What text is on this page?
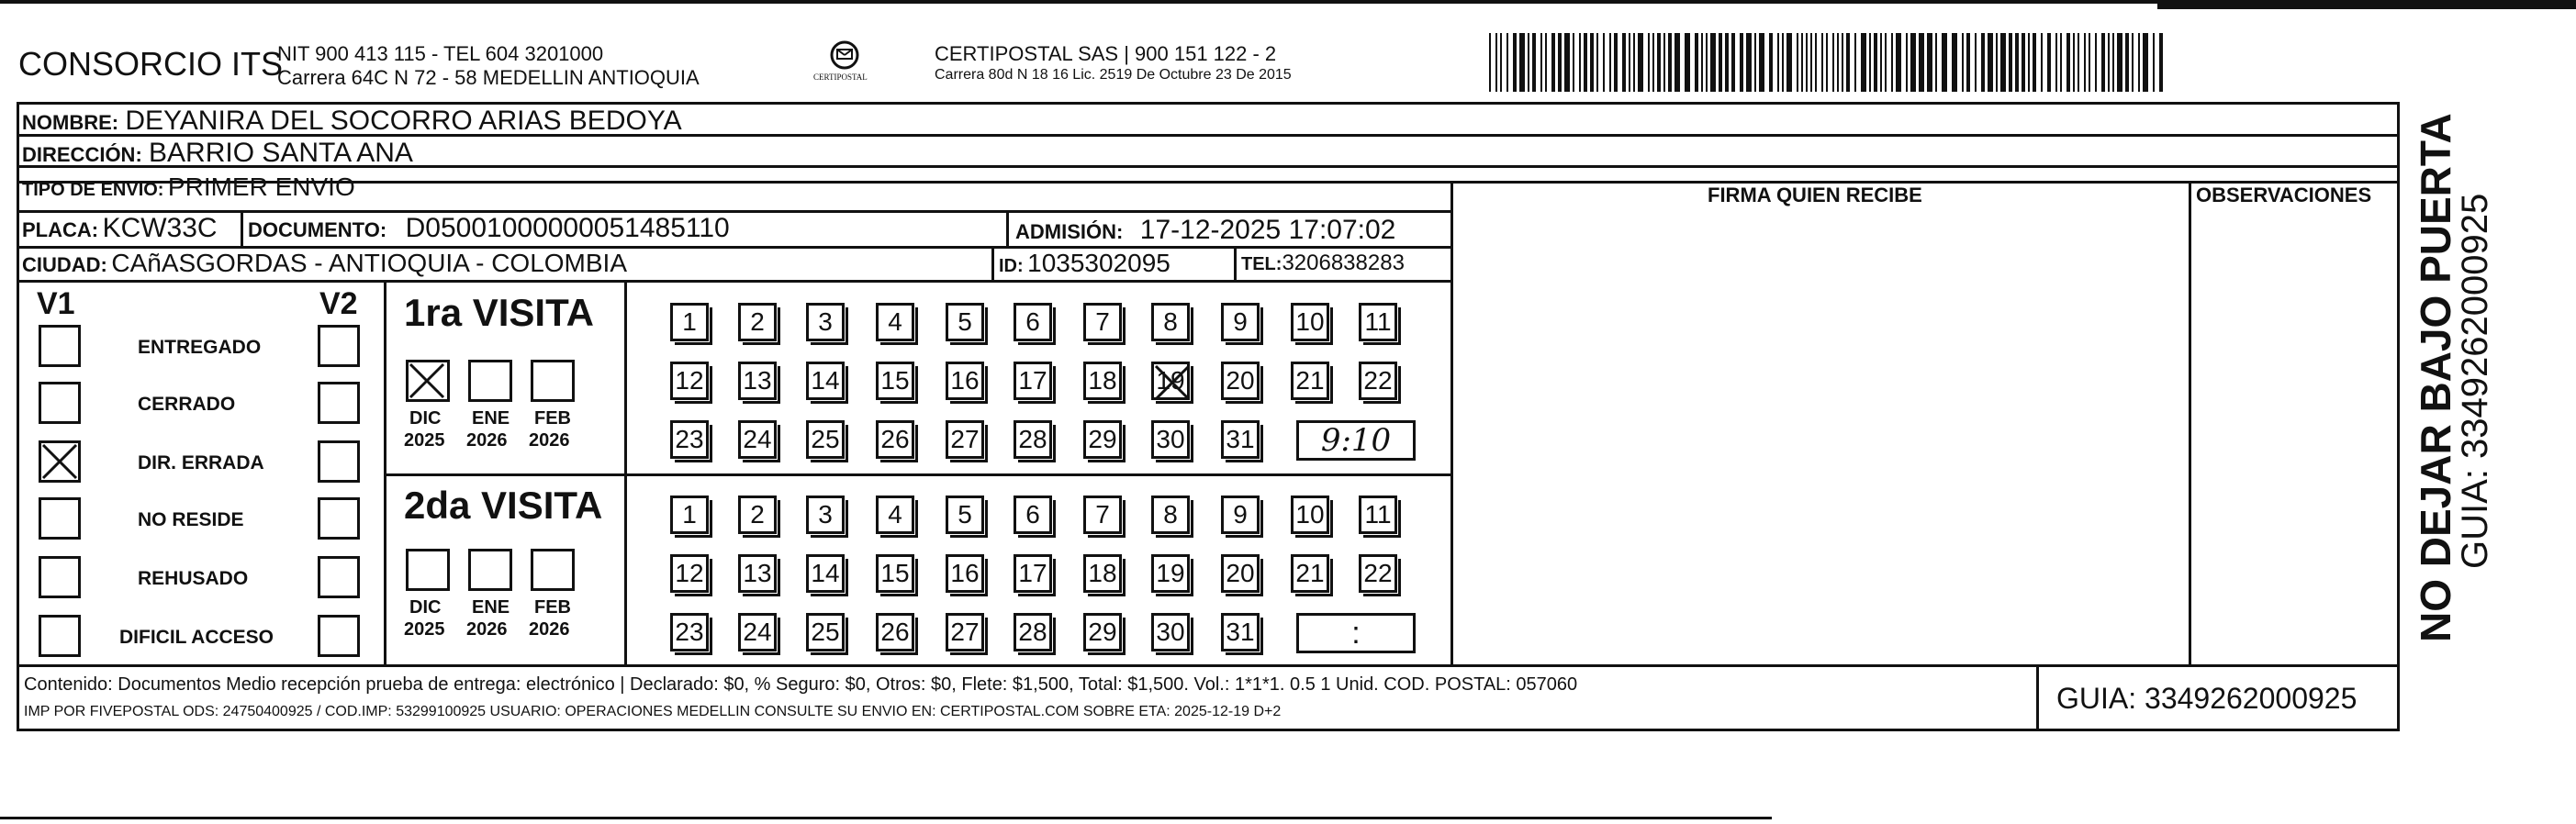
CONSORCIO ITS
NIT 900 413 115 - TEL 604 3201000
Carrera 64C N 72 - 58 MEDELLIN ANTIOQUIA	CERTIPOSTAL
CERTIPOSTAL SAS | 900 151 122 - 2
Carrera 80d N 18 16 Lic. 2519 De Octubre 23 De 2015
NOMBRE: DEYANIRA DEL SOCORRO ARIAS BEDOYA
DIRECCIÓN: BARRIO SANTA ANA
TIPO DE ENVIO: PRIMER ENVIO	FIRMA QUIEN RECIBE	OBSERVACIONES
PLACA: KCW33C DOCUMENTO: D05001000000051485110	ADMISIÓN: 17-12-2025 17:07:02
CIUDAD: CAñASGORDAS - ANTIOQUIA - COLOMBIA	ID: 1035302095	TEL:3206838283
V1	V2 1ra VISITA
2da VISITA
Contenido: Documentos Medio recepción prueba de entrega: electrónico | Declarado: $0, % Seguro: $0, Otros: $0, Flete: $1,500, Total: $1,500. Vol.: 1*1*1. 0.5 1 Unid. COD. POSTAL: 057060
IMP POR FIVEPOSTAL ODS: 24750400925 / COD.IMP: 53299100925 USUARIO: OPERACIONES MEDELLIN CONSULTE SU ENVIO EN: CERTIPOSTAL.COM SOBRE ETA: 2025-12-19 D+2	GUIA: 3349262000925
NO DEJAR BAJO PUERTA
GUIA: 3349262000925
ENTREGADO
CERRADO
DIR. ERRADA
NO RESIDE
REHUSADO
DIFICIL ACCESO
DIC
2025
ENE
2026
FEB
2026
DIC
2025
ENE
2026
FEB
2026
1	2	3	4	5	6	7	8	9	10 11
12 13 14 15 16 17 18 19 20 21 22
23 24 25 26 27 28 29 30 31	9:10
1	2	3	4	5	6	7	8	9	10 11
12 13 14 15 16 17 18 19 20 21 22
23 24 25 26 27 28 29 30 31	:
